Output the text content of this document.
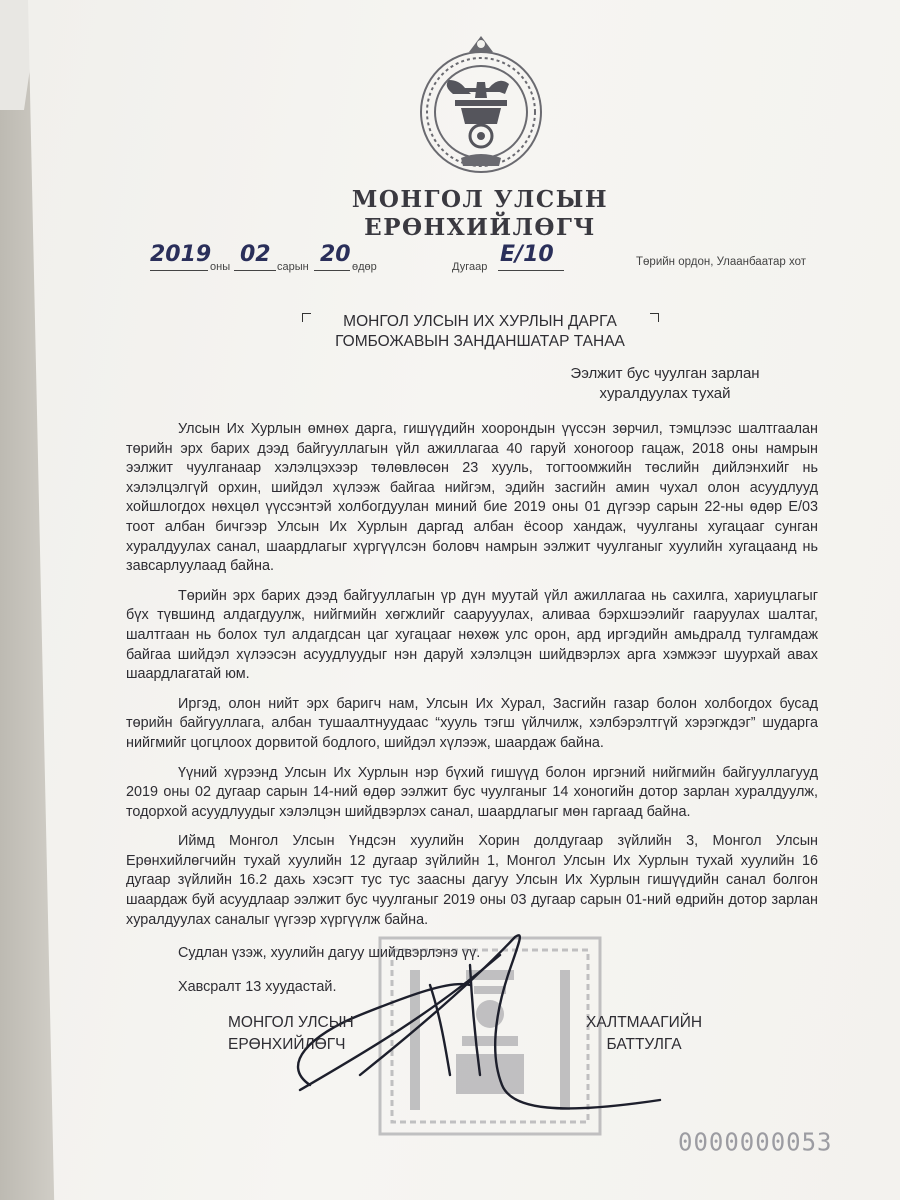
МОНГОЛ УЛСЫН
ЕРӨНХИЙЛӨГЧ
2019
оны 02 сарын 20 өдөр	Дугаар Е/10	Төрийн ордон, Улаанбаатар хот
МОНГОЛ УЛСЫН ИХ ХУРЛЫН ДАРГА
ГОМБОЖАВЫН ЗАНДАНШАТАР ТАНАА
Ээлжит бус чуулган зарлан
хуралдуулах тухай

Улсын Их Хурлын өмнөх дарга, гишүүдийн хоорондын үүссэн зөрчил, тэмцлээс шалтгаалан төрийн эрх барих дээд байгууллагын үйл ажиллагаа 40 гаруй хоногоор гацаж, 2018 оны намрын ээлжит чуулганаар хэлэлцэхээр төлөвлөсөн 23 хууль, тогтоомжийн төслийн дийлэнхийг нь хэлэлцэлгүй орхин, шийдэл хүлээж байгаа нийгэм, эдийн засгийн амин чухал олон асуудлууд хойшлогдох нөхцөл үүссэнтэй холбогдуулан миний бие 2019 оны 01 дүгээр сарын 22-ны өдөр Е/03 тоот албан бичгээр Улсын Их Хурлын даргад албан ёсоор хандаж, чуулганы хугацааг сунган хуралдуулах санал, шаардлагыг хүргүүлсэн боловч намрын ээлжит чуулганыг хуулийн хугацаанд нь завсарлуулаад байна.

Төрийн эрх барих дээд байгууллагын үр дүн муутай үйл ажиллагаа нь сахилга, хариуцлагыг бүх түвшинд алдагдуулж, нийгмийн хөгжлийг саарууулах, аливаа бэрхшээлийг гааруулах шалтаг, шалтгаан нь болох тул алдагдсан цаг хугацааг нөхөж улс орон, ард иргэдийн амьдралд тулгамдаж байгаа шийдэл хүлээсэн асуудлуудыг нэн даруй хэлэлцэн шийдвэрлэх арга хэмжээг шуурхай авах шаардлагатай юм.

Иргэд, олон нийт эрх баригч нам, Улсын Их Хурал, Засгийн газар болон холбогдох бусад төрийн байгууллага, албан тушаалтнуудаас “хууль тэгш үйлчилж, хэлбэрэлтгүй хэрэгждэг” шударга нийгмийг цогцлоох дорвитой бодлого, шийдэл хүлээж, шаардаж байна.

Үүний хүрээнд Улсын Их Хурлын нэр бүхий гишүүд болон иргэний нийгмийн байгууллагууд 2019 оны 02 дугаар сарын 14-ний өдөр ээлжит бус чуулганыг 14 хоногийн дотор зарлан хуралдуулж, тодорхой асуудлуудыг хэлэлцэн шийдвэрлэх санал, шаардлагыг мөн гаргаад байна.

Иймд Монгол Улсын Үндсэн хуулийн Хорин долдугаар зүйлийн 3, Монгол Улсын Ерөнхийлөгчийн тухай хуулийн 12 дугаар зүйлийн 1, Монгол Улсын Их Хурлын тухай хуулийн 16 дугаар зүйлийн 16.2 дахь хэсэгт тус тус заасны дагуу Улсын Их Хурлын гишүүдийн санал болгон шаардаж буй асуудлаар ээлжит бус чуулганыг 2019 оны 03 дугаар сарын 01-ний өдрийн дотор зарлан хуралдуулах саналыг үүгээр хүргүүлж байна.

Судлан үзэж, хуулийн дагуу шийдвэрлэнэ үү.

Хавсралт 13 хуудастай.

МОНГОЛ УЛСЫН
ЕРӨНХИЙЛӨГЧ
ХАЛТМААГИЙН
БАТТУЛГА
0000000053
